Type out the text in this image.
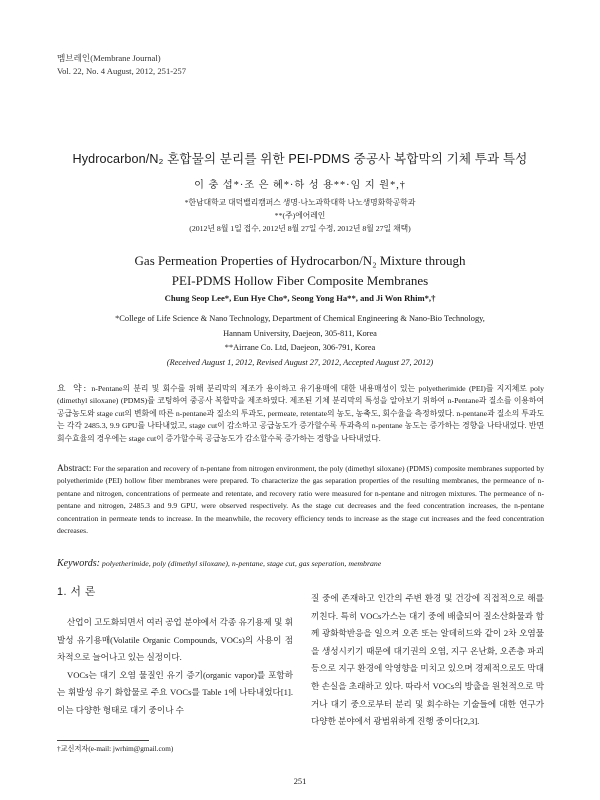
멤브레인(Membrane Journal)
Vol. 22, No. 4 August, 2012, 251-257
Hydrocarbon/N₂ 혼합물의 분리를 위한 PEI-PDMS 중공사 복합막의 기체 투과 특성
이 충 섭*·조 은 혜*·하 성 용**·임 지 원*,†
*한남대학교 대덕밸리캠퍼스 생명·나노과학대학 나노생명화학공학과
**(주)에어레인
(2012년 8월 1일 접수, 2012년 8월 27일 수정, 2012년 8월 27일 채택)
Gas Permeation Properties of Hydrocarbon/N₂ Mixture through
PEI-PDMS Hollow Fiber Composite Membranes
Chung Seop Lee*, Eun Hye Cho*, Seong Yong Ha**, and Ji Won Rhim*,†
*College of Life Science & Nano Technology, Department of Chemical Engineering & Nano-Bio Technology,
Hannam University, Daejeon, 305-811, Korea
**Airrane Co. Ltd, Daejeon, 306-791, Korea
(Received August 1, 2012, Revised August 27, 2012, Accepted August 27, 2012)
요 약: n-Pentane의 분리 및 회수를 위해 분리막의 제조가 용이하고 유기용매에 대한 내용매성이 있는 polyetherimide (PEI)를 지지체로 poly (dimethyl siloxane) (PDMS)를 코팅하여 중공사 복합막을 제조하였다. 제조된 기체 분리막의 특성을 알아보기 위하여 n-Pentane과 질소를 이용하여 공급농도와 stage cut의 변화에 따른 n-pentane과 질소의 투과도, permeate, retentate의 농도, 농축도, 회수율을 측정하였다. n-pentane과 질소의 투과도는 각각 2485.3, 9.9 GPU를 나타내었고, stage cut이 감소하고 공급농도가 증가할수록 투과측의 n-pentane 농도는 증가하는 경향을 나타내었다. 반면 회수효율의 경우에는 stage cut이 증가할수록 공급농도가 감소할수록 증가하는 경향을 나타내었다.
Abstract: For the separation and recovery of n-pentane from nitrogen environment, the poly (dimethyl siloxane) (PDMS) composite membranes supported by polyetherimide (PEI) hollow fiber membranes were prepared. To characterize the gas separation properties of the resulting membranes, the permeance of n-pentane and nitrogen, concentrations of permeate and retentate, and recovery ratio were measured for n-pentane and nitrogen mixtures. The permeance of n-pentane and nitrogen, 2485.3 and 9.9 GPU, were observed respectively. As the stage cut decreases and the feed concentration increases, the n-pentane concentration in permeate tends to increase. In the meanwhile, the recovery efficiency tends to increase as the stage cut increases and the feed concentration decreases.
Keywords: polyetherimide, poly (dimethyl siloxane), n-pentane, stage cut, gas seperation, membrane
1. 서 론

산업이 고도화되면서 여러 공업 분야에서 각종 유기용제 및 휘발성 유기용매(Volatile Organic Compounds, VOCs)의 사용이 점차적으로 늘어나고 있는 실정이다.

VOCs는 대기 오염 물질인 유기 증기(organic vapor)를 포함하는 휘발성 유기 화합물로 주요 VOCs를 Table 1에 나타내었다[1]. 이는 다양한 형태로 대기 중이나 수

질 중에 존재하고 인간의 주변 환경 및 건강에 직접적으로 해를 끼친다. 특히 VOCs가스는 대기 중에 배출되어 질소산화물과 함께 광화학반응을 일으켜 오존 또는 알데히드와 같이 2차 오염물을 생성시키기 때문에 대기권의 오염, 지구 온난화, 오존층 파괴 등으로 지구 환경에 악영향을 미치고 있으며 경제적으로도 막대한 손실을 초래하고 있다. 따라서 VOCs의 방출을 원천적으로 막거나 대기 중으로부터 분리 및 회수하는 기술들에 대한 연구가 다양한 분야에서 광범위하게 진행 중이다[2,3].
†교신저자(e-mail: jwrhim@gmail.com)
251
